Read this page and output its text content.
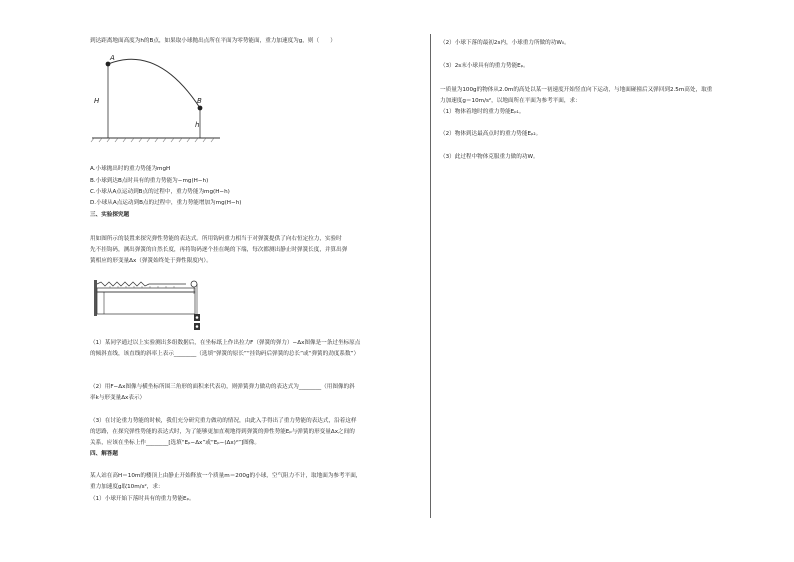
到达距离地面高度为h的B点，如果取小球抛出点所在平面为零势能面，重力加速度为g，则（　　）
A
B
H
h
A.小球抛出时的重力势能为mgH
B.小球到达B点时具有的重力势能为−mg(H−h)
C.小球从A点运动到B点的过程中，重力势能为mg(H−h)
D.小球从A点运动到B点的过程中，重力势能增加为mg(H−h)
三、实验探究题
用如图所示的装置来探究弹性势能的表达式。所用钩码重力相当于对弹簧提供了向右恒定拉力，实验时
先不挂钩码，测出弹簧的自然长度，再将钩码逐个挂在绳的下端，每次都测出静止时弹簧长度，并算出弹
簧相应的形变量Δx（弹簧始终处于弹性限度内）。
（1）某同学通过以上实验测出多组数据后，在坐标纸上作出拉力F（弹簧的弹力）−Δx图像是一条过坐标原点
的倾斜直线，该直线的斜率上表示________（选填“弹簧的原长”“挂钩码后弹簧的总长”或“弹簧的劲度系数”）
（2）用F−Δx图像与横坐标所围三角形的面积来代表功，则弹簧弹力做功的表达式为________（用图像的斜
率k与形变量Δx表示）
（3）在讨论重力势能的时候，我们充分研究重力做功的情况，由此入手得出了重力势能的表达式，沿着这样
的思路，在探究弹性势能的表达式时，为了能够更加直观地得到弹簧的弹性势能Eₚ与弹簧的形变量Δx之间的
关系，应该在坐标上作________[选填“Eₚ−Δx”或“Eₚ−(Δx)²”]图像。
四、解答题
某人站在高H＝10m的楼顶上由静止开始释放一个质量m＝200g的小球，空气阻力不计，取地面为参考平面，
重力加速度g取10m/s²，求：
（1）小球开始下落时具有的重力势能Eₚ。
（2）小球下落的最初2s内，小球重力所做的功W₀。
（3）2s末小球具有的重力势能Eₚ。
一质量为100g的物体从2.0m的高处以某一初速度开始竖直向下运动，与地面碰撞后又弹回到2.5m高处，取重
力加速度g＝10m/s²，以地面所在平面为参考平面，求：
（1）物体着地时的重力势能Eₚ₁。
（2）物体到达最高点时的重力势能Eₚ₂。
（3）此过程中物体克服重力做的功W。
